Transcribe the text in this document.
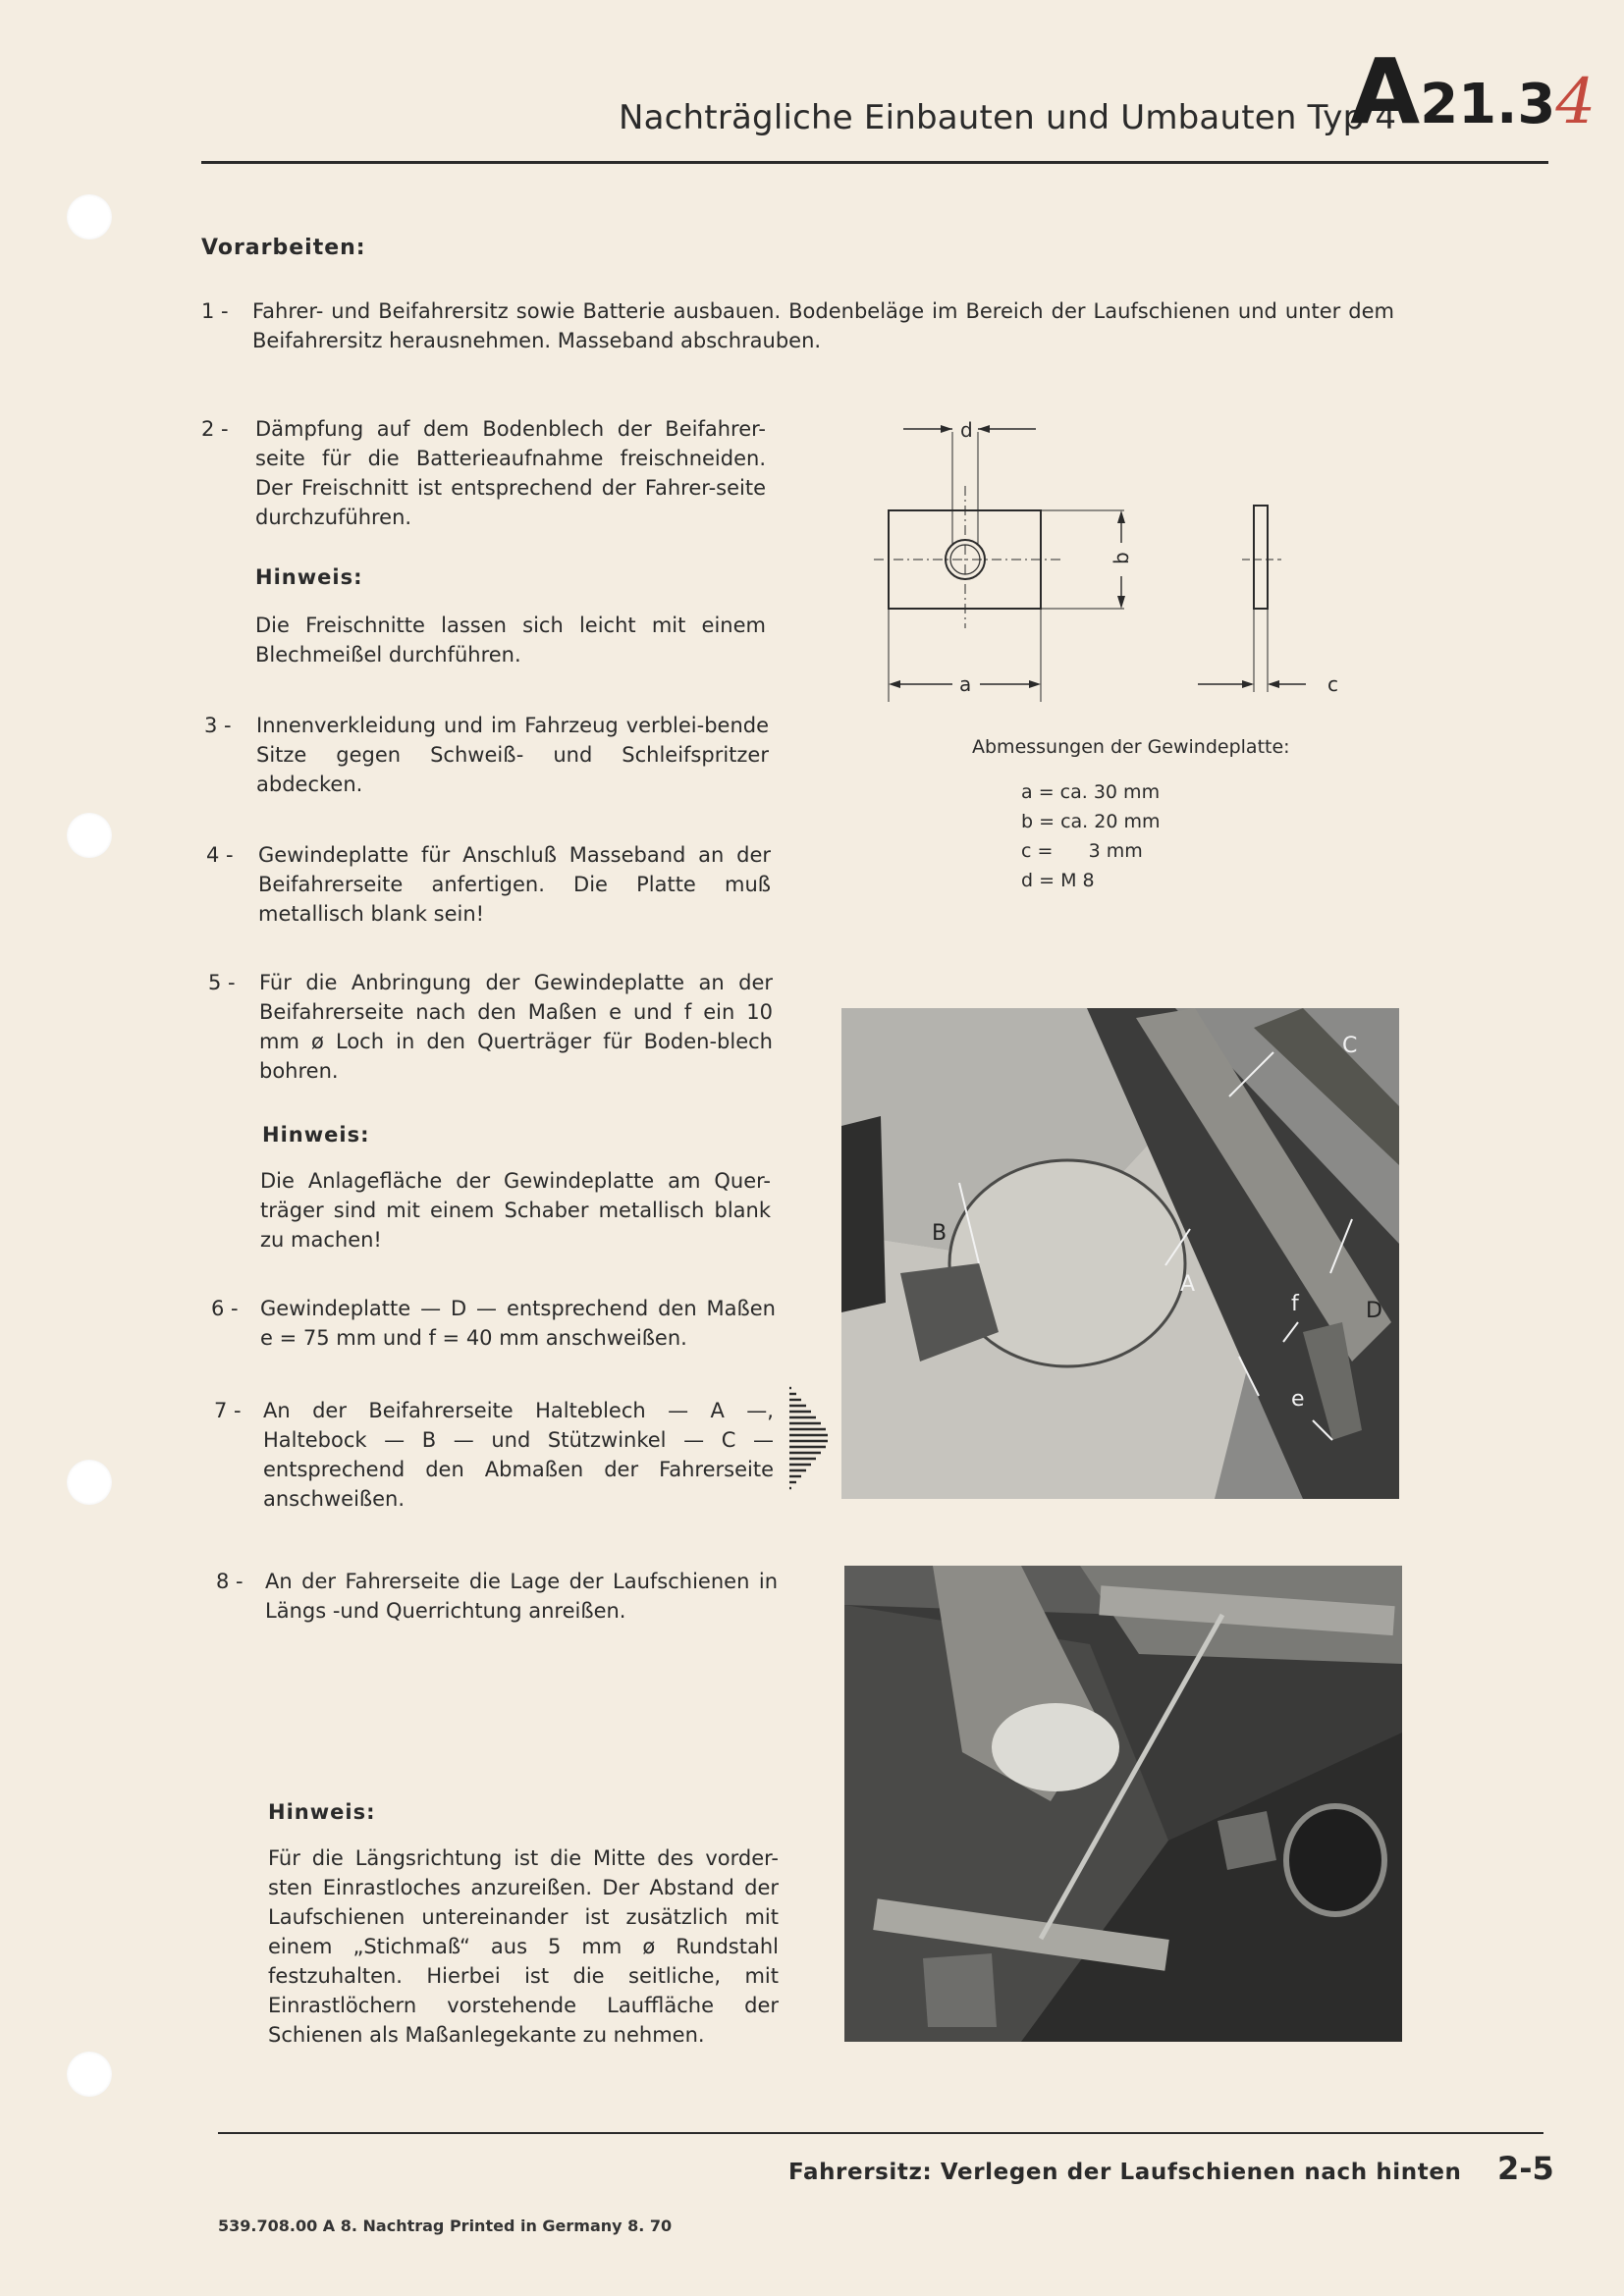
Nachträgliche Einbauten und Umbauten Typ 4
A21.34
Vorarbeiten:
1 - Fahrer- und Beifahrersitz sowie Batterie ausbauen. Bodenbeläge im Bereich der Laufschienen und unter dem Beifahrersitz herausnehmen. Masseband abschrauben.
2 - Dämpfung auf dem Bodenblech der Beifahrer-seite für die Batterieaufnahme freischneiden. Der Freischnitt ist entsprechend der Fahrer-seite durchzuführen.
Hinweis:
Die Freischnitte lassen sich leicht mit einem Blechmeißel durchführen.
3 - Innenverkleidung und im Fahrzeug verblei-bende Sitze gegen Schweiß- und Schleifspritzer abdecken.
4 - Gewindeplatte für Anschluß Masseband an der Beifahrerseite anfertigen. Die Platte muß metallisch blank sein!
5 - Für die Anbringung der Gewindeplatte an der Beifahrerseite nach den Maßen e und f ein 10 mm ø Loch in den Querträger für Boden-blech bohren.
Hinweis:
Die Anlagefläche der Gewindeplatte am Quer-träger sind mit einem Schaber metallisch blank zu machen!
6 - Gewindeplatte — D — entsprechend den Maßen e = 75 mm und f = 40 mm anschweißen.
7 - An der Beifahrerseite Halteblech — A —, Haltebock — B — und Stützwinkel — C — entsprechend den Abmaßen der Fahrerseite anschweißen.
8 - An der Fahrerseite die Lage der Laufschienen in Längs -und Querrichtung anreißen.
Hinweis:
Für die Längsrichtung ist die Mitte des vorder-sten Einrastloches anzureißen. Der Abstand der Laufschienen untereinander ist zusätzlich mit einem „Stichmaß“ aus 5 mm ø Rundstahl festzuhalten. Hierbei ist die seitliche, mit Einrastlöchern vorstehende Lauffläche der Schienen als Maßanlegekante zu nehmen.
d
b
a	c
Abmessungen der Gewindeplatte:
a = ca. 30 mm
b = ca. 20 mm
c =      3 mm
d = M 8
C
A
B
D
f
e
Fahrersitz: Verlegen der Laufschienen nach hinten 2-5
539.708.00 A 8. Nachtrag Printed in Germany 8. 70
